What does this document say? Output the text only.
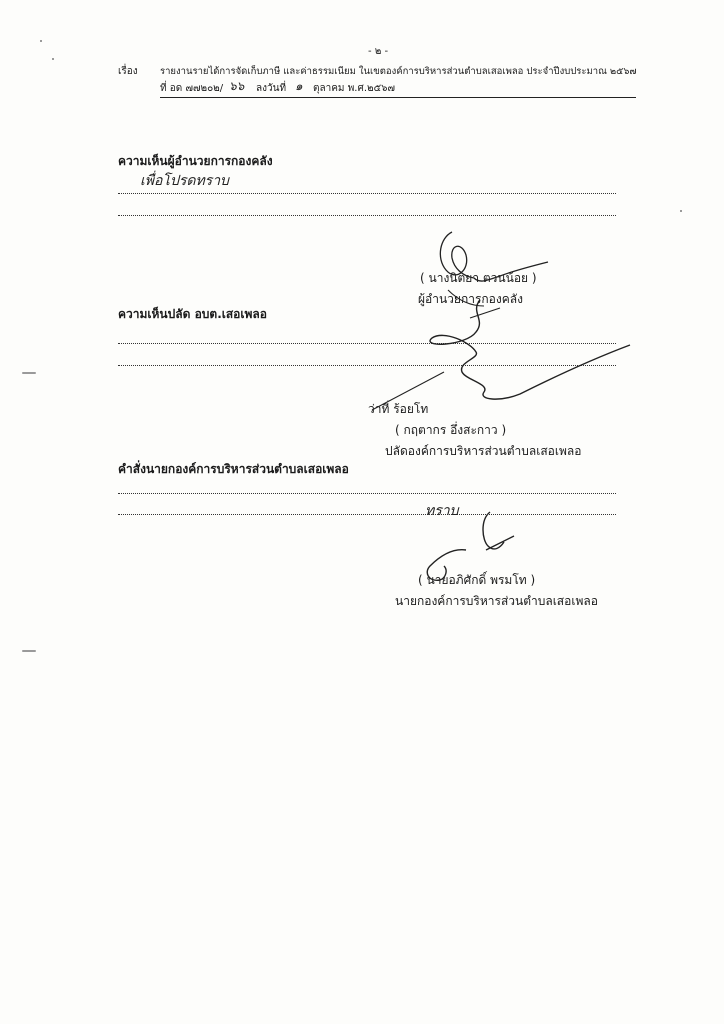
- ๒ -
เรื่อง รายงานรายได้การจัดเก็บภาษี และค่าธรรมเนียม ในเขตองค์การบริหารส่วนตำบลเสอเพลอ ประจำปีงบประมาณ ๒๕๖๗
ที่ อด ๗๗๒๐๒/ ๖๖ ลงวันที่ ๑ ตุลาคม พ.ศ.๒๕๖๗
ความเห็นผู้อำนวยการกองคลัง
เพื่อโปรดทราบ
( นางนิตยา ตวนน้อย )
ผู้อำนวยการกองคลัง
ความเห็นปลัด อบต.เสอเพลอ
ว่าที่ ร้อยโท
( กฤตากร อึ่งสะกาว )
ปลัดองค์การบริหารส่วนตำบลเสอเพลอ
คำสั่งนายกองค์การบริหารส่วนตำบลเสอเพลอ
ทราบ
( นายอภิศักดิ์ พรมโท )
นายกองค์การบริหารส่วนตำบลเสอเพลอ
